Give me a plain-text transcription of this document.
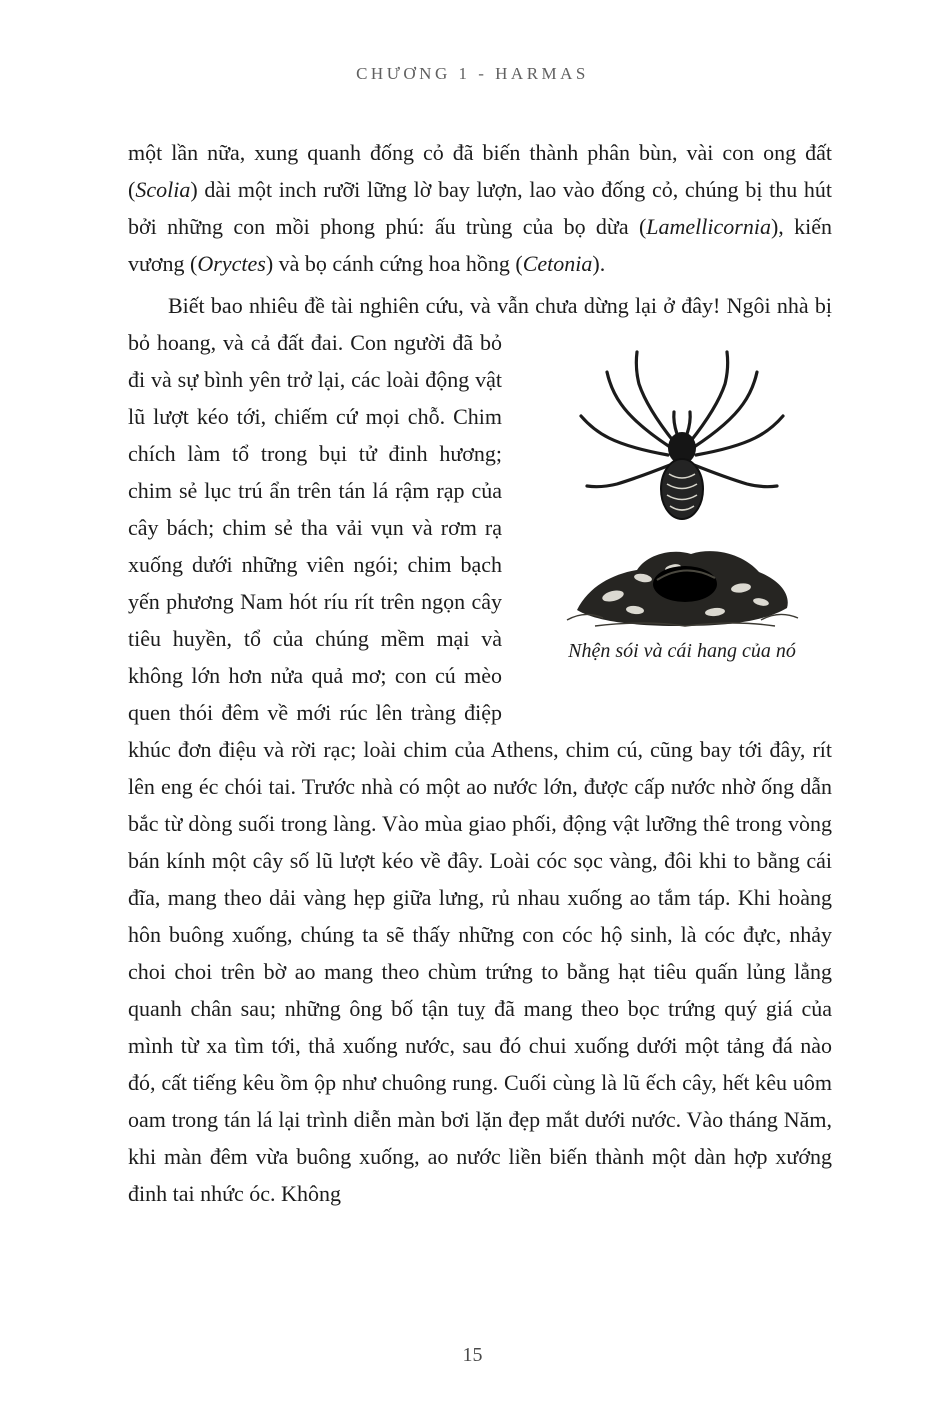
CHƯƠNG 1 - HARMAS

một lần nữa, xung quanh đống cỏ đã biến thành phân bùn, vài con ong đất (Scolia) dài một inch rưỡi lững lờ bay lượn, lao vào đống cỏ, chúng bị thu hút bởi những con mồi phong phú: ấu trùng của bọ dừa (Lamellicornia), kiến vương (Oryctes) và bọ cánh cứng hoa hồng (Cetonia).

Biết bao nhiêu đề tài nghiên cứu, và vẫn chưa dừng lại ở đây!
Nhện sói và cái hang của nó
Ngôi nhà bị bỏ hoang, và cả đất đai. Con người đã bỏ đi và sự bình yên trở lại, các loài động vật lũ lượt kéo tới, chiếm cứ mọi chỗ. Chim chích làm tổ trong bụi tử đinh hương; chim sẻ lục trú ẩn trên tán lá rậm rạp của cây bách; chim sẻ tha vải vụn và rơm rạ xuống dưới những viên ngói; chim bạch yến phương Nam hót ríu rít trên ngọn cây tiêu huyền, tổ của chúng mềm mại và không lớn hơn nửa quả mơ; con cú mèo quen thói đêm về mới rúc lên tràng điệp khúc đơn điệu và rời rạc; loài chim của Athens, chim cú, cũng bay tới đây, rít lên eng éc chói tai. Trước nhà có một ao nước lớn, được cấp nước nhờ ống dẫn bắc từ dòng suối trong làng. Vào mùa giao phối, động vật lưỡng thê trong vòng bán kính một cây số lũ lượt kéo về đây. Loài cóc sọc vàng, đôi khi to bằng cái đĩa, mang theo dải vàng hẹp giữa lưng, rủ nhau xuống ao tắm táp. Khi hoàng hôn buông xuống, chúng ta sẽ thấy những con cóc hộ sinh, là cóc đực, nhảy choi choi trên bờ ao mang theo chùm trứng to bằng hạt tiêu quấn lủng lẳng quanh chân sau; những ông bố tận tuỵ đã mang theo bọc trứng quý giá của mình từ xa tìm tới, thả xuống nước, sau đó chui xuống dưới một tảng đá nào đó, cất tiếng kêu ồm ộp như chuông rung. Cuối cùng là lũ ếch cây, hết kêu uôm oam trong tán lá lại trình diễn màn bơi lặn đẹp mắt dưới nước. Vào tháng Năm, khi màn đêm vừa buông xuống, ao nước liền biến thành một dàn hợp xướng đinh tai nhức óc. Không
15
